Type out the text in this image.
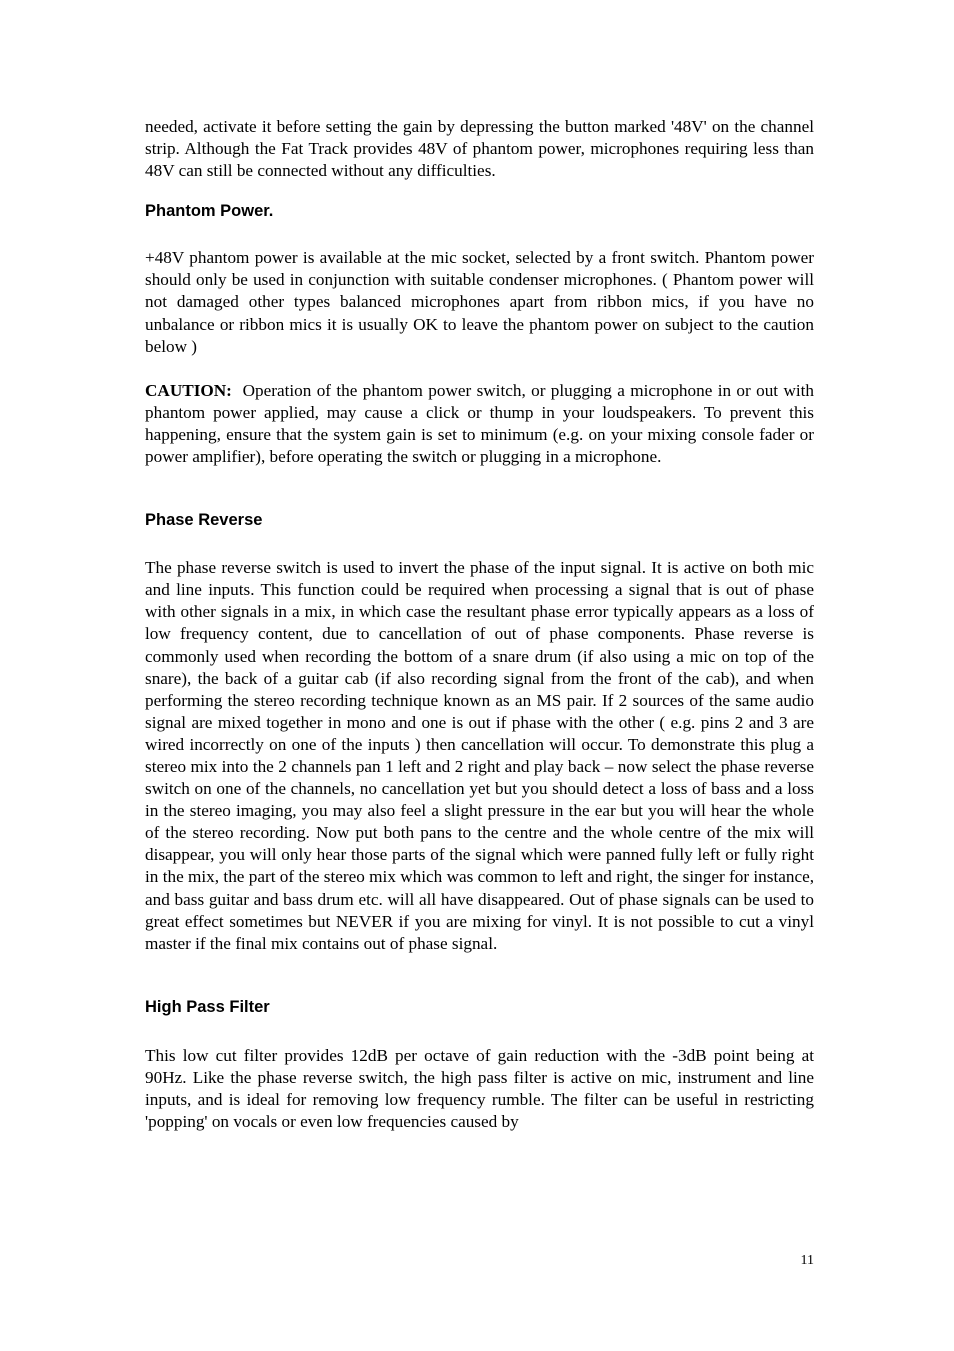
needed, activate it before setting the gain by depressing the button marked '48V' on the channel strip. Although the Fat Track provides 48V of phantom power, microphones requiring less than 48V can still be connected without any difficulties.

Phantom Power.

+48V phantom power is available at the mic socket, selected by a front switch. Phantom power should only be used in conjunction with suitable condenser microphones. ( Phantom power will not damaged other types balanced microphones apart from ribbon mics, if you have no unbalance or ribbon mics it is usually OK to leave the phantom power on subject to the caution below )

CAUTION:  Operation of the phantom power switch, or plugging a microphone in or out with phantom power applied, may cause a click or thump in your loudspeakers. To prevent this happening, ensure that the system gain is set to minimum (e.g. on your mixing console fader or power amplifier), before operating the switch or plugging in a microphone.

Phase Reverse

The phase reverse switch is used to invert the phase of the input signal. It is active on both mic and line inputs. This function could be required when processing a signal that is out of phase with other signals in a mix, in which case the resultant phase error typically appears as a loss of low frequency content, due to cancellation of out of phase components. Phase reverse is commonly used when recording the bottom of a snare drum (if also using a mic on top of the snare), the back of a guitar cab (if also recording signal from the front of the cab), and when performing the stereo recording technique known as an MS pair. If 2 sources of the same audio signal are mixed together in mono and one is out if phase with the other ( e.g. pins 2 and 3 are wired incorrectly on one of the inputs ) then cancellation will occur. To demonstrate this plug a stereo mix into the 2 channels pan 1 left and 2 right and play back – now select the phase reverse switch on one of the channels, no cancellation yet but you should detect a loss of bass and a loss in the stereo imaging, you may also feel a slight pressure in the ear but you will hear the whole of the stereo recording. Now put both pans to the centre and the whole centre of the mix will disappear, you will only hear those parts of the signal which were panned fully left or fully right in the mix, the part of the stereo mix which was common to left and right, the singer for instance, and bass guitar and bass drum etc. will all have disappeared. Out of phase signals can be used to great effect sometimes but NEVER if you are mixing for vinyl. It is not possible to cut a vinyl master if the final mix contains out of phase signal.

High Pass Filter

This low cut filter provides 12dB per octave of gain reduction with the -3dB point being at 90Hz. Like the phase reverse switch, the high pass filter is active on mic, instrument and line inputs, and is ideal for removing low frequency rumble. The filter can be useful in restricting 'popping' on vocals or even low frequencies caused by

11
